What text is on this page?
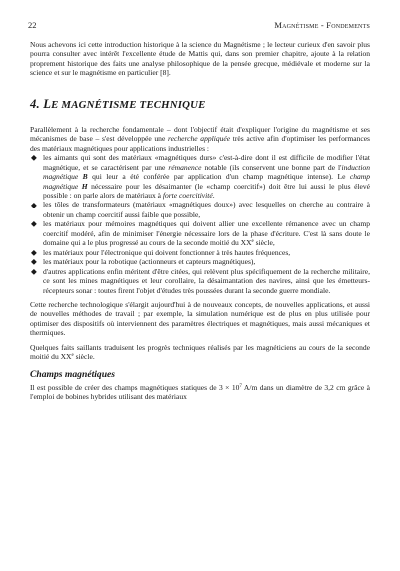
22	Magnétisme - Fondements

Nous achevons ici cette introduction historique à la science du Magnétisme ; le lecteur curieux d'en savoir plus pourra consulter avec intérêt l'excellente étude de Mattis qui, dans son premier chapitre, ajoute à la relation proprement historique des faits une analyse philosophique de la pensée grecque, médiévale et moderne sur la science et sur le magnétisme en particulier [8].

4. LE MAGNÉTISME TECHNIQUE

Parallèlement à la recherche fondamentale – dont l'objectif était d'expliquer l'origine du magnétisme et ses mécanismes de base – s'est développée une recherche appliquée très active afin d'optimiser les performances des matériaux magnétiques pour applications industrielles :

les aimants qui sont des matériaux «magnétiques durs» c'est-à-dire dont il est difficile de modifier l'état magnétique, et se caractérisent par une rémanence notable (ils conservent une bonne part de l'induction magnétique B qui leur a été conférée par application d'un champ magnétique intense). Le champ magnétique H nécessaire pour les désaimanter (le «champ coercitif») doit être lui aussi le plus élevé possible : on parle alors de matériaux à forte coercitivité.
les tôles de transformateurs (matériaux «magnétiques doux») avec lesquelles on cherche au contraire à obtenir un champ coercitif aussi faible que possible,
les matériaux pour mémoires magnétiques qui doivent allier une excellente rémanence avec un champ coercitif modéré, afin de minimiser l'énergie nécessaire lors de la phase d'écriture. C'est là sans doute le domaine qui a le plus progressé au cours de la seconde moitié du XXe siècle,
les matériaux pour l'électronique qui doivent fonctionner à très hautes fréquences,
les matériaux pour la robotique (actionneurs et capteurs magnétiques),
d'autres applications enfin méritent d'être citées, qui relèvent plus spécifiquement de la recherche militaire, ce sont les mines magnétiques et leur corollaire, la désaimantation des navires, ainsi que les émetteurs-récepteurs sonar : toutes firent l'objet d'études très poussées durant la seconde guerre mondiale.

Cette recherche technologique s'élargit aujourd'hui à de nouveaux concepts, de nouvelles applications, et aussi de nouvelles méthodes de travail ; par exemple, la simulation numérique est de plus en plus utilisée pour optimiser des dispositifs où interviennent des paramètres électriques et magnétiques, mais aussi mécaniques et thermiques.

Quelques faits saillants traduisent les progrès techniques réalisés par les magnéticiens au cours de la seconde moitié du XXe siècle.

Champs magnétiques

Il est possible de créer des champs magnétiques statiques de $3 \times 10^7$ A/m dans un diamètre de 3,2 cm grâce à l'emploi de bobines hybrides utilisant des matériaux
